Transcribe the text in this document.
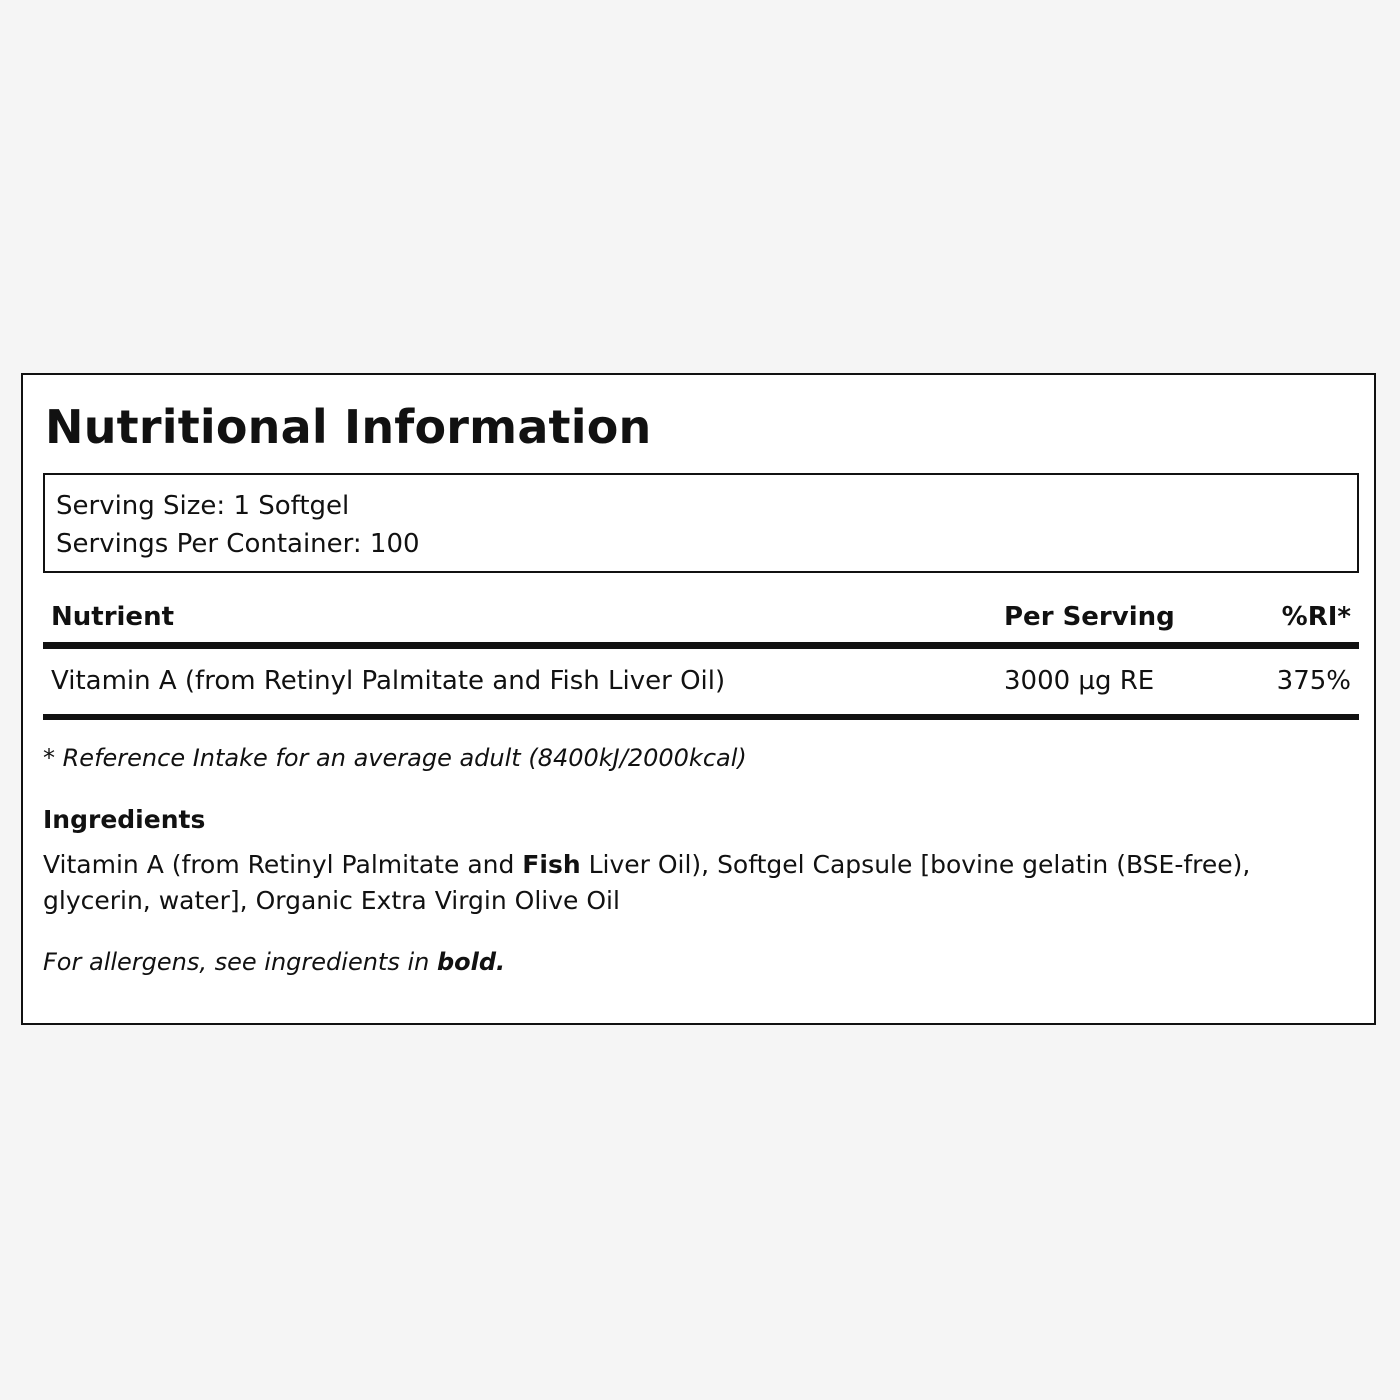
Nutritional Information
Serving Size: 1 Softgel
Servings Per Container: 100
Nutrient	Per Serving	%RI*
Vitamin A (from Retinyl Palmitate and Fish Liver Oil)	3000 µg RE	375%
* Reference Intake for an average adult (8400kJ/2000kcal)
Ingredients
Vitamin A (from Retinyl Palmitate and Fish Liver Oil), Softgel Capsule [bovine gelatin (BSE-free), glycerin, water], Organic Extra Virgin Olive Oil
For allergens, see ingredients in bold.
